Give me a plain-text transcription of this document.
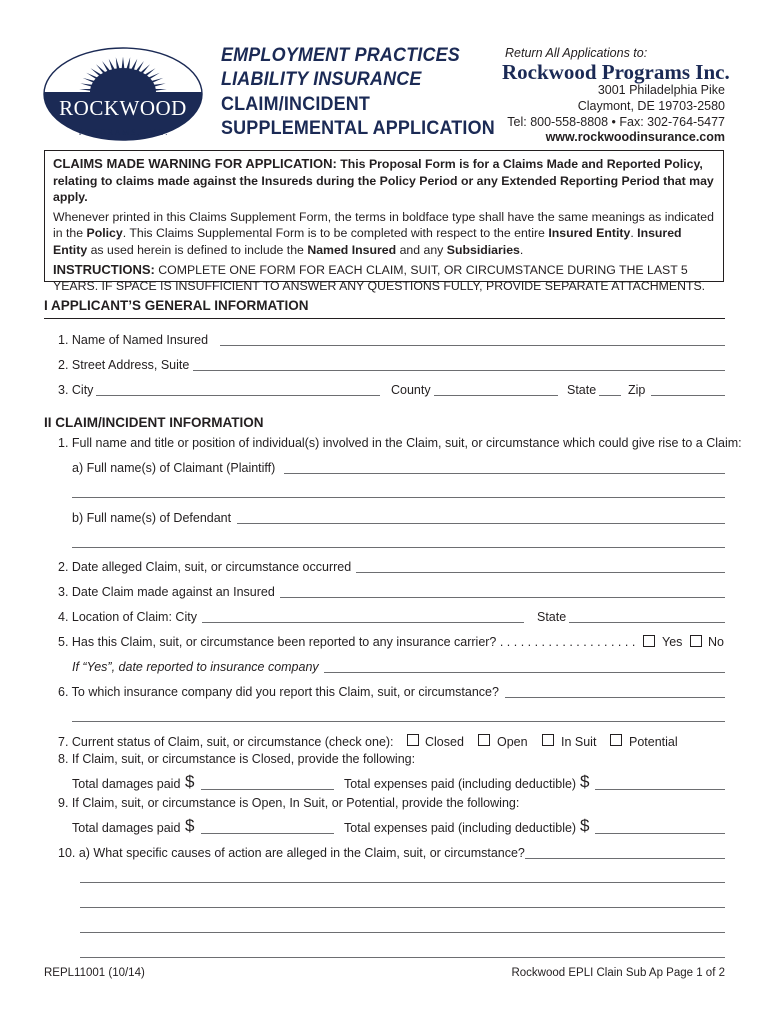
ROCKWOOD
P R O G R A M S ,   I N C .
EMPLOYMENT PRACTICES
LIABILITY INSURANCE
CLAIM/INCIDENT
SUPPLEMENTAL APPLICATION
Return All Applications to:
Rockwood Programs Inc.
3001 Philadelphia Pike
Claymont, DE 19703-2580
Tel: 800-558-8808 • Fax: 302-764-5477
www.rockwoodinsurance.com

CLAIMS MADE WARNING FOR APPLICATION: This Proposal Form is for a Claims Made and Reported Policy, relating to claims made against the Insureds during the Policy Period or any Extended Reporting Period that may apply.

Whenever printed in this Claims Supplement Form, the terms in boldface type shall have the same meanings as indicated in the Policy. This Claims Supplemental Form is to be completed with respect to the entire Insured Entity. Insured Entity as used herein is defined to include the Named Insured and any Subsidiaries.

INSTRUCTIONS: COMPLETE ONE FORM FOR EACH CLAIM, SUIT, OR CIRCUMSTANCE DURING THE LAST 5 YEARS. IF SPACE IS INSUFFICIENT TO ANSWER ANY QUESTIONS FULLY, PROVIDE SEPARATE ATTACHMENTS.

I APPLICANT’S GENERAL INFORMATION
1. Name of Named Insured
2. Street Address, Suite
3. City	County	State	Zip
II CLAIM/INCIDENT INFORMATION
1. Full name and title or position of individual(s) involved in the Claim, suit, or circumstance which could give rise to a Claim:
a) Full name(s) of Claimant (Plaintiff)
b) Full name(s) of Defendant
2. Date alleged Claim, suit, or circumstance occurred
3. Date Claim made against an Insured
4. Location of Claim: City	State
5. Has this Claim, suit, or circumstance been reported to any insurance carrier? . . . . . . . . . . . . . . . . . . . .	Yes No
If “Yes”, date reported to insurance company
6. To which insurance company did you report this Claim, suit, or circumstance?
7. Current status of Claim, suit, or circumstance (check one):	Closed	Open	In Suit	Potential
8. If Claim, suit, or circumstance is Closed, provide the following:
Total damages paid $	Total expenses paid (including deductible) $
9. If Claim, suit, or circumstance is Open, In Suit, or Potential, provide the following:
Total damages paid $	Total expenses paid (including deductible) $
10. a) What specific causes of action are alleged in the Claim, suit, or circumstance?
REPL11001 (10/14)	Rockwood EPLI Clain Sub Ap Page 1 of 2
